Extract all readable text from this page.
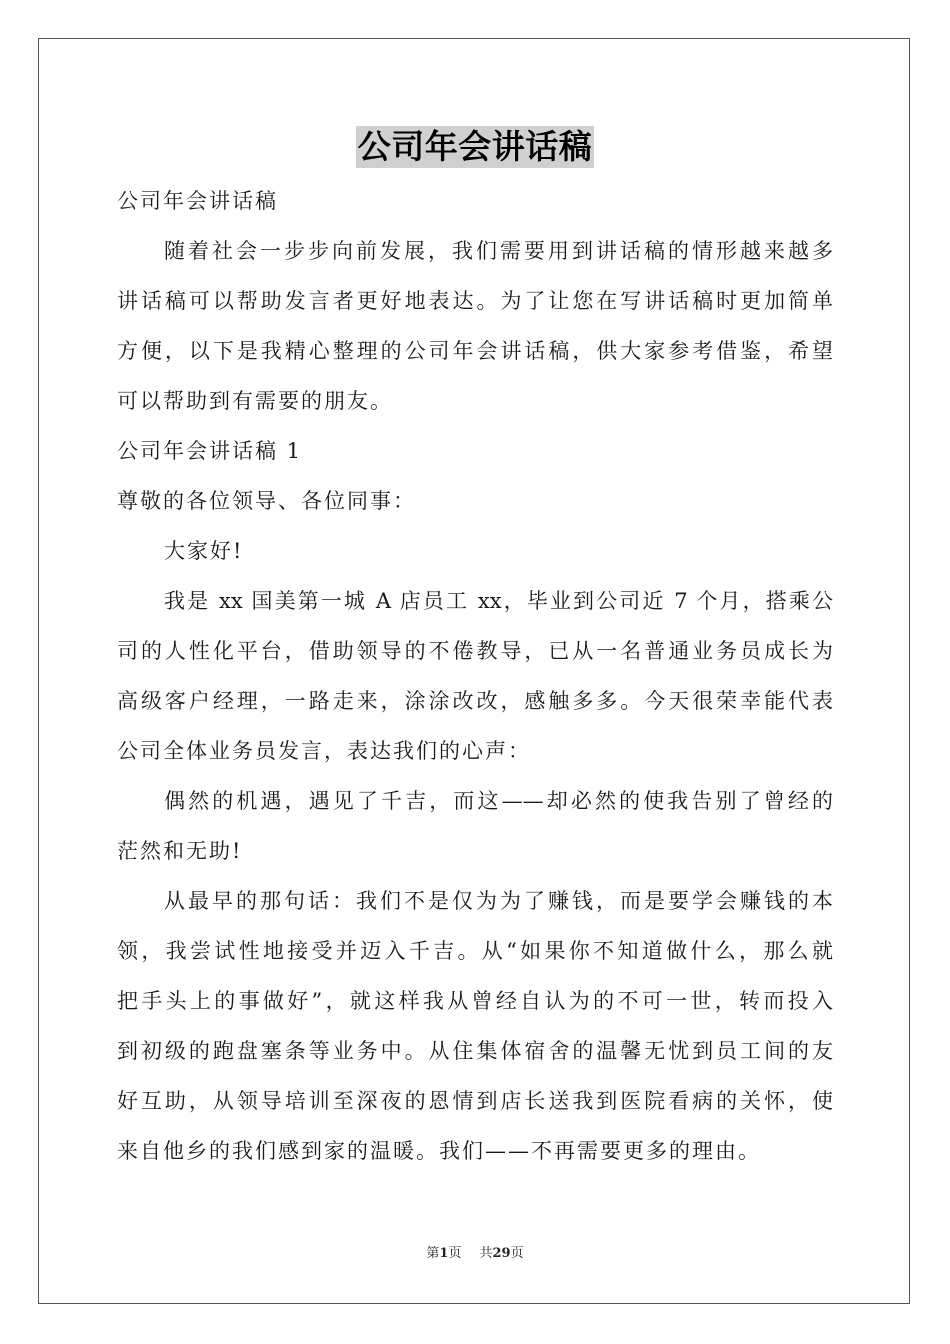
公司年会讲话稿
公司年会讲话稿
随着社会一步步向前发展，我们需要用到讲话稿的情形越来越多
讲话稿可以帮助发言者更好地表达。为了让您在写讲话稿时更加简单
方便，以下是我精心整理的公司年会讲话稿，供大家参考借鉴，希望
可以帮助到有需要的朋友。
公司年会讲话稿 1
尊敬的各位领导、各位同事：
大家好!
我是 xx 国美第一城 A 店员工 xx，毕业到公司近 7 个月，搭乘公
司的人性化平台，借助领导的不倦教导，已从一名普通业务员成长为
高级客户经理，一路走来，涂涂改改，感触多多。今天很荣幸能代表
公司全体业务员发言，表达我们的心声：
偶然的机遇，遇见了千吉，而这——却必然的使我告别了曾经的
茫然和无助!
从最早的那句话：我们不是仅为为了赚钱，而是要学会赚钱的本
领，我尝试性地接受并迈入千吉。从“如果你不知道做什么，那么就
把手头上的事做好”，就这样我从曾经自认为的不可一世，转而投入
到初级的跑盘塞条等业务中。从住集体宿舍的温馨无忧到员工间的友
好互助，从领导培训至深夜的恩情到店长送我到医院看病的关怀，使
来自他乡的我们感到家的温暖。我们——不再需要更多的理由。
第1页 共29页
